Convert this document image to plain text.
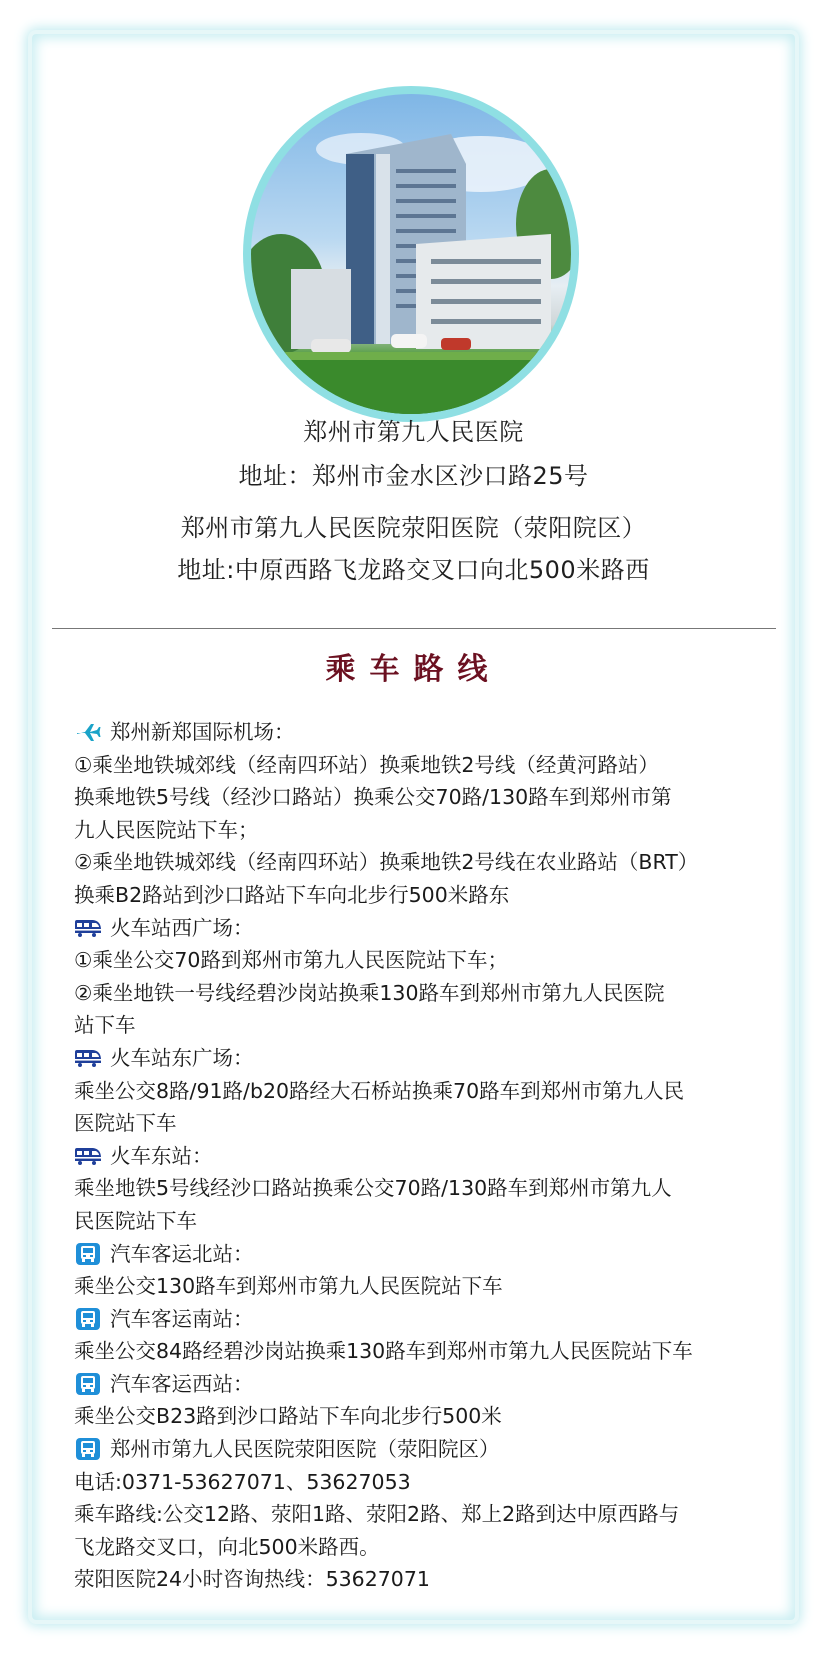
郑州市第九人民医院
地址：郑州市金水区沙口路25号
郑州市第九人民医院荥阳医院（荥阳院区）
地址:中原西路飞龙路交叉口向北500米路西
乘车路线
郑州新郑国际机场：
①乘坐地铁城郊线（经南四环站）换乘地铁2号线（经黄河路站）
换乘地铁5号线（经沙口路站）换乘公交70路/130路车到郑州市第
九人民医院站下车；
②乘坐地铁城郊线（经南四环站）换乘地铁2号线在农业路站（BRT）
换乘B2路站到沙口路站下车向北步行500米路东
火车站西广场：
①乘坐公交70路到郑州市第九人民医院站下车；
②乘坐地铁一号线经碧沙岗站换乘130路车到郑州市第九人民医院
站下车
火车站东广场：
乘坐公交8路/91路/b20路经大石桥站换乘70路车到郑州市第九人民
医院站下车
火车东站：
乘坐地铁5号线经沙口路站换乘公交70路/130路车到郑州市第九人
民医院站下车
汽车客运北站：
乘坐公交130路车到郑州市第九人民医院站下车
汽车客运南站：
乘坐公交84路经碧沙岗站换乘130路车到郑州市第九人民医院站下车
汽车客运西站：
乘坐公交B23路到沙口路站下车向北步行500米
郑州市第九人民医院荥阳医院（荥阳院区）
电话:0371-53627071、53627053
乘车路线:公交12路、荥阳1路、荥阳2路、郑上2路到达中原西路与
飞龙路交叉口，向北500米路西。
荥阳医院24小时咨询热线：53627071
